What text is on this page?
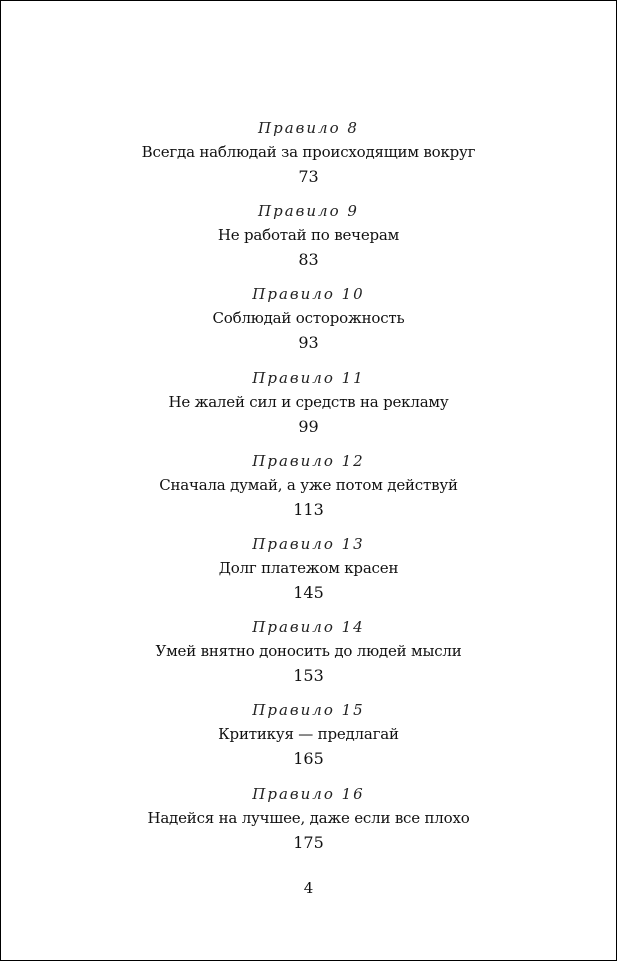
Правило 8
Всегда наблюдай за происходящим вокруг
73
Правило 9
Не работай по вечерам
83
Правило 10
Соблюдай осторожность
93
Правило 11
Не жалей сил и средств на рекламу
99
Правило 12
Сначала думай, а уже потом действуй
113
Правило 13
Долг платежом красен
145
Правило 14
Умей внятно доносить до людей мысли
153
Правило 15
Критикуя — предлагай
165
Правило 16
Надейся на лучшее, даже если все плохо
175
4
